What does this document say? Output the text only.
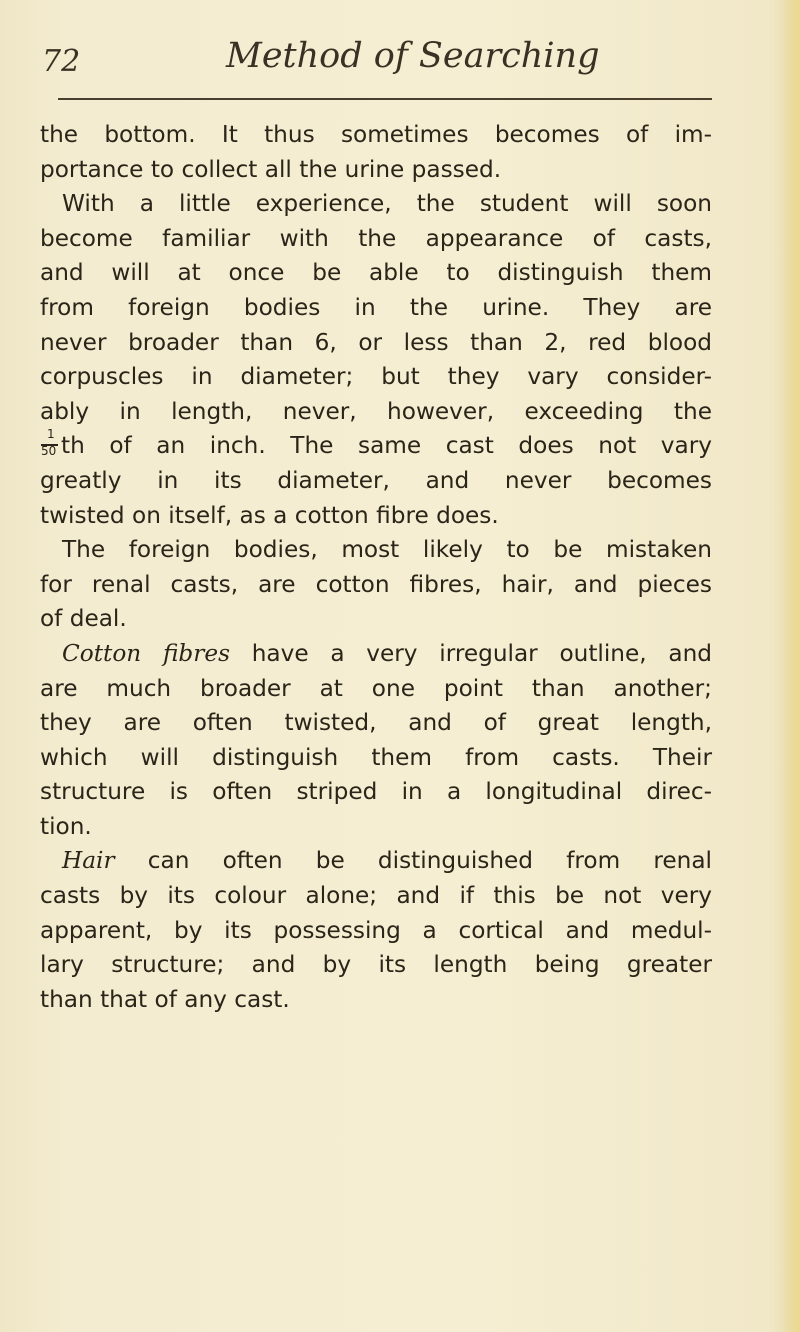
72	Method of Searching
the bottom. It thus sometimes becomes of im-
portance to collect all the urine passed.
With a little experience, the student will soon
become familiar with the appearance of casts,
and will at once be able to distinguish them
from foreign bodies in the urine. They are
never broader than 6, or less than 2, red blood
corpuscles in diameter; but they vary consider-
ably in length, never, however, exceeding the
$\frac{1}{50}$ th of an inch. The same cast does not vary
greatly in its diameter, and never becomes
twisted on itself, as a cotton fibre does.
The foreign bodies, most likely to be mistaken
for renal casts, are cotton fibres, hair, and pieces
of deal.
Cotton fibres have a very irregular outline, and
are much broader at one point than another;
they are often twisted, and of great length,
which will distinguish them from casts. Their
structure is often striped in a longitudinal direc-
tion.
Hair can often be distinguished from renal
casts by its colour alone; and if this be not very
apparent, by its possessing a cortical and medul-
lary structure; and by its length being greater
than that of any cast.
